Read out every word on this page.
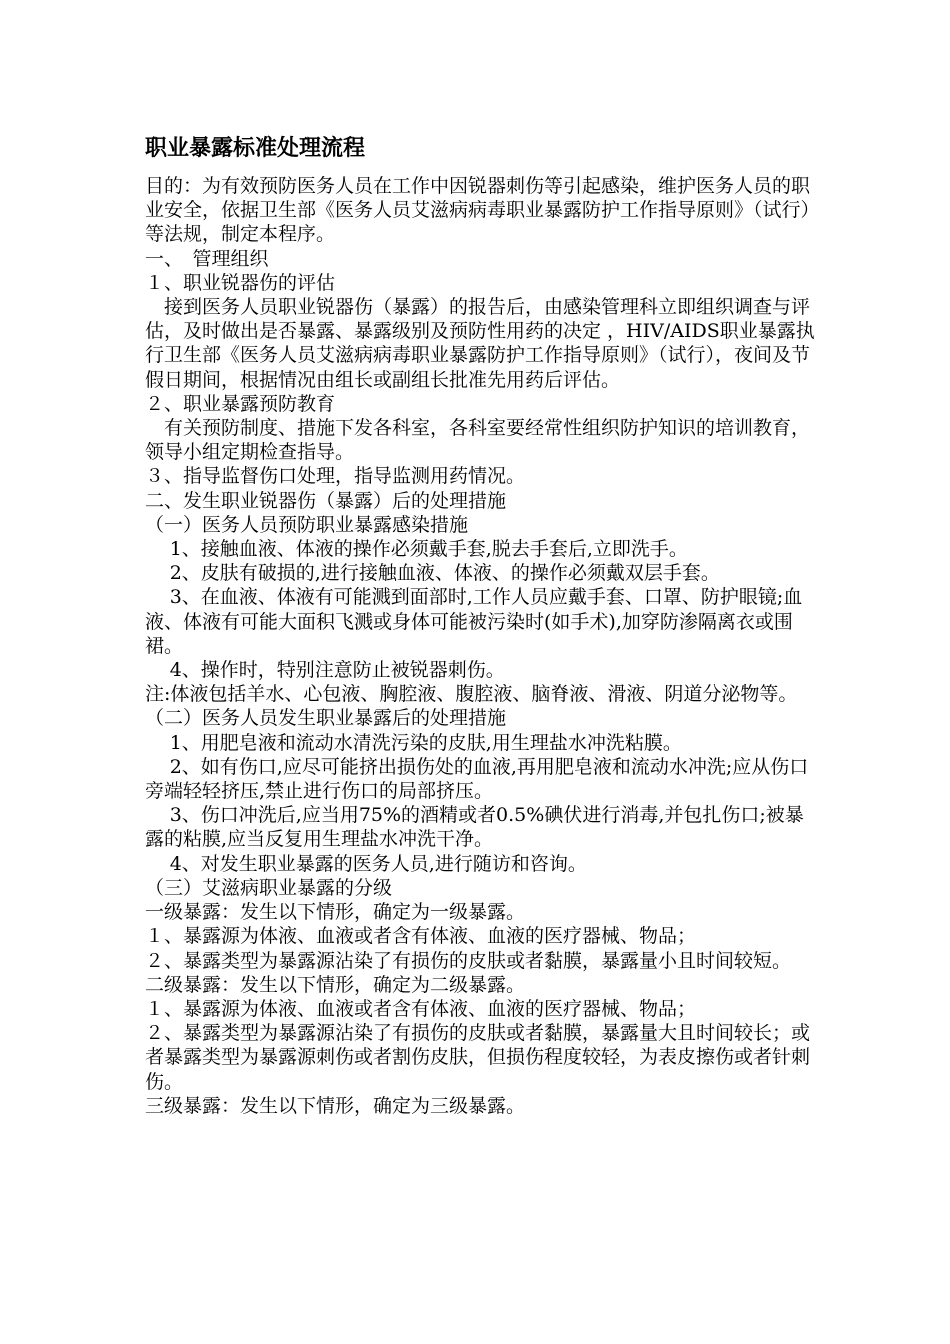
职业暴露标准处理流程

目的：为有效预防医务人员在工作中因锐器刺伤等引起感染，维护医务人员的职业安全，依据卫生部《医务人员艾滋病病毒职业暴露防护工作指导原则》（试行）等法规，制定本程序。

一、　管理组织

１、职业锐器伤的评估

接到医务人员职业锐器伤（暴露）的报告后，由感染管理科立即组织调查与评估，及时做出是否暴露、暴露级别及预防性用药的决定 ，HIV/AIDS职业暴露执行卫生部《医务人员艾滋病病毒职业暴露防护工作指导原则》（试行），夜间及节假日期间，根据情况由组长或副组长批准先用药后评估。

２、职业暴露预防教育

有关预防制度、措施下发各科室，各科室要经常性组织防护知识的培训教育，领导小组定期检查指导。

３、指导监督伤口处理，指导监测用药情况。

二、发生职业锐器伤（暴露）后的处理措施

（一）医务人员预防职业暴露感染措施

1、接触血液、体液的操作必须戴手套,脱去手套后,立即洗手。

2、皮肤有破损的,进行接触血液、体液、的操作必须戴双层手套。

3、在血液、体液有可能溅到面部时,工作人员应戴手套、口罩、防护眼镜;血液、体液有可能大面积飞溅或身体可能被污染时(如手术),加穿防渗隔离衣或围裙。

4、操作时，特别注意防止被锐器刺伤。

注:体液包括羊水、心包液、胸腔液、腹腔液、脑脊液、滑液、阴道分泌物等。

（二）医务人员发生职业暴露后的处理措施

1、用肥皂液和流动水清洗污染的皮肤,用生理盐水冲洗粘膜。

2、如有伤口,应尽可能挤出损伤处的血液,再用肥皂液和流动水冲洗;应从伤口旁端轻轻挤压,禁止进行伤口的局部挤压。

3、伤口冲洗后,应当用75%的酒精或者0.5%碘伏进行消毒,并包扎伤口;被暴露的粘膜,应当反复用生理盐水冲洗干净。

4、对发生职业暴露的医务人员,进行随访和咨询。

（三）艾滋病职业暴露的分级

一级暴露：发生以下情形，确定为一级暴露。

１、暴露源为体液、血液或者含有体液、血液的医疗器械、物品；

２、暴露类型为暴露源沾染了有损伤的皮肤或者黏膜，暴露量小且时间较短。

二级暴露：发生以下情形，确定为二级暴露。

１、暴露源为体液、血液或者含有体液、血液的医疗器械、物品；

２、暴露类型为暴露源沾染了有损伤的皮肤或者黏膜，暴露量大且时间较长；或者暴露类型为暴露源刺伤或者割伤皮肤，但损伤程度较轻，为表皮擦伤或者针刺伤。

三级暴露：发生以下情形，确定为三级暴露。
